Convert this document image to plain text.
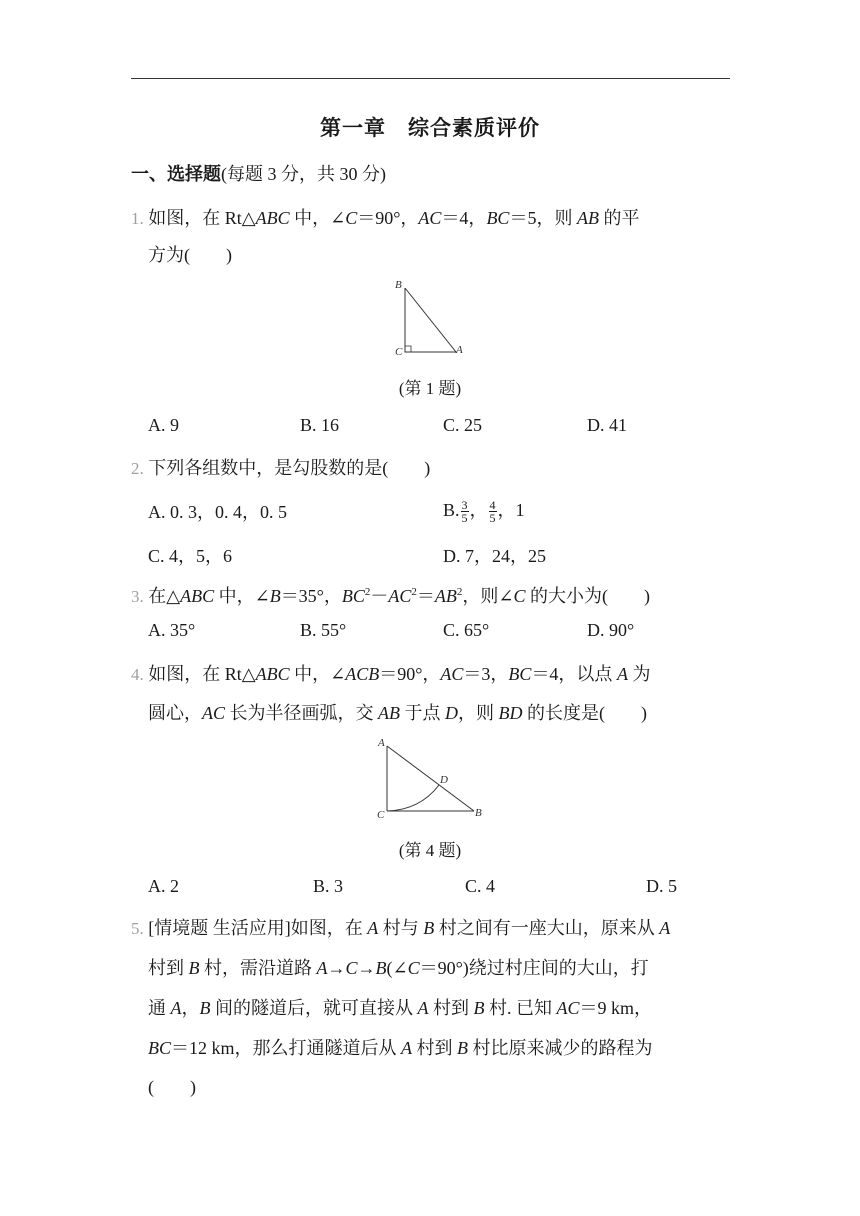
第一章　综合素质评价
一、选择题(每题 3 分，共 30 分)
1. 如图，在 Rt△ABC 中，∠C＝90°，AC＝4，BC＝5，则 AB 的平
方为(　　)
B
C	A
(第 1 题)
A. 9	B. 16	C. 25	D. 41
2. 下列各组数中，是勾股数的是(　　)
A. 0. 3，0. 4，0. 5	B. $\frac{3}{5}$ ， $\frac{4}{5}$ ，1
C. 4，5，6	D. 7，24，25
3. 在△ABC 中，∠B＝35°，$BC^2-AC^2=AB^2$，则∠C 的大小为(　　)
A. 35°	B. 55°	C. 65°	D. 90°
4. 如图，在 Rt△ABC 中，∠ACB＝90°，AC＝3，BC＝4，以点 A 为
圆心，AC 长为半径画弧，交 AB 于点 D，则 BD 的长度是(　　)
A
D
C	B
(第 4 题)
A. 2	B. 3	C. 4	D. 5
5. [情境题 生活应用]如图，在 A 村与 B 村之间有一座大山，原来从 A
村到 B 村，需沿道路 A→C→B(∠C＝90°)绕过村庄间的大山，打
通 A，B 间的隧道后，就可直接从 A 村到 B 村. 已知 AC＝9 km，
BC＝12 km，那么打通隧道后从 A 村到 B 村比原来减少的路程为
(　　)
